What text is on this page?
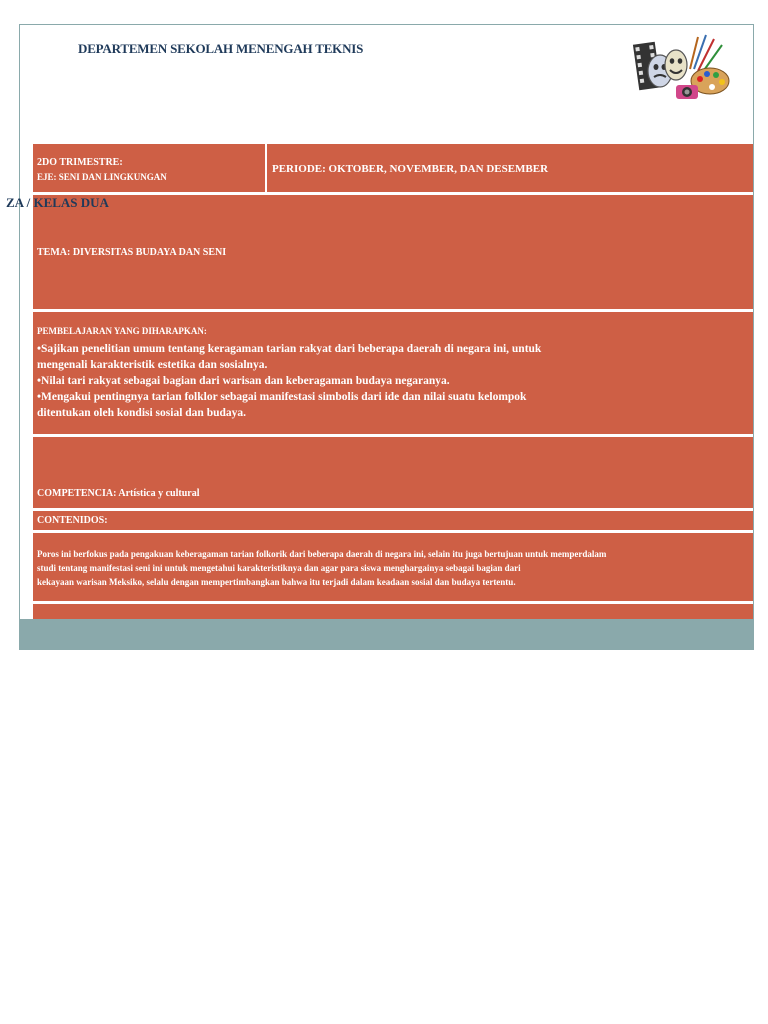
DEPARTEMEN SEKOLAH MENENGAH TEKNIS
2DO TRIMESTRE:
EJE: SENI DAN LINGKUNGAN
PERIODE: OKTOBER, NOVEMBER, DAN DESEMBER
TEMA: DIVERSITAS BUDAYA DAN SENI
PEMBELAJARAN YANG DIHARAPKAN:
•Sajikan penelitian umum tentang keragaman tarian rakyat dari beberapa daerah di negara ini, untuk
mengenali karakteristik estetika dan sosialnya.
•Nilai tari rakyat sebagai bagian dari warisan dan keberagaman budaya negaranya.
•Mengakui pentingnya tarian folklor sebagai manifestasi simbolis dari ide dan nilai suatu kelompok
ditentukan oleh kondisi sosial dan budaya.
COMPETENCIA: Artística y cultural
CONTENIDOS:
Poros ini berfokus pada pengakuan keberagaman tarian folkorik dari beberapa daerah di negara ini, selain itu juga bertujuan untuk memperdalam
studi tentang manifestasi seni ini untuk mengetahui karakteristiknya dan agar para siswa menghargainya sebagai bagian dari
kekayaan warisan Meksiko, selalu dengan mempertimbangkan bahwa itu terjadi dalam keadaan sosial dan budaya tertentu.
ZA / KELAS DUA
